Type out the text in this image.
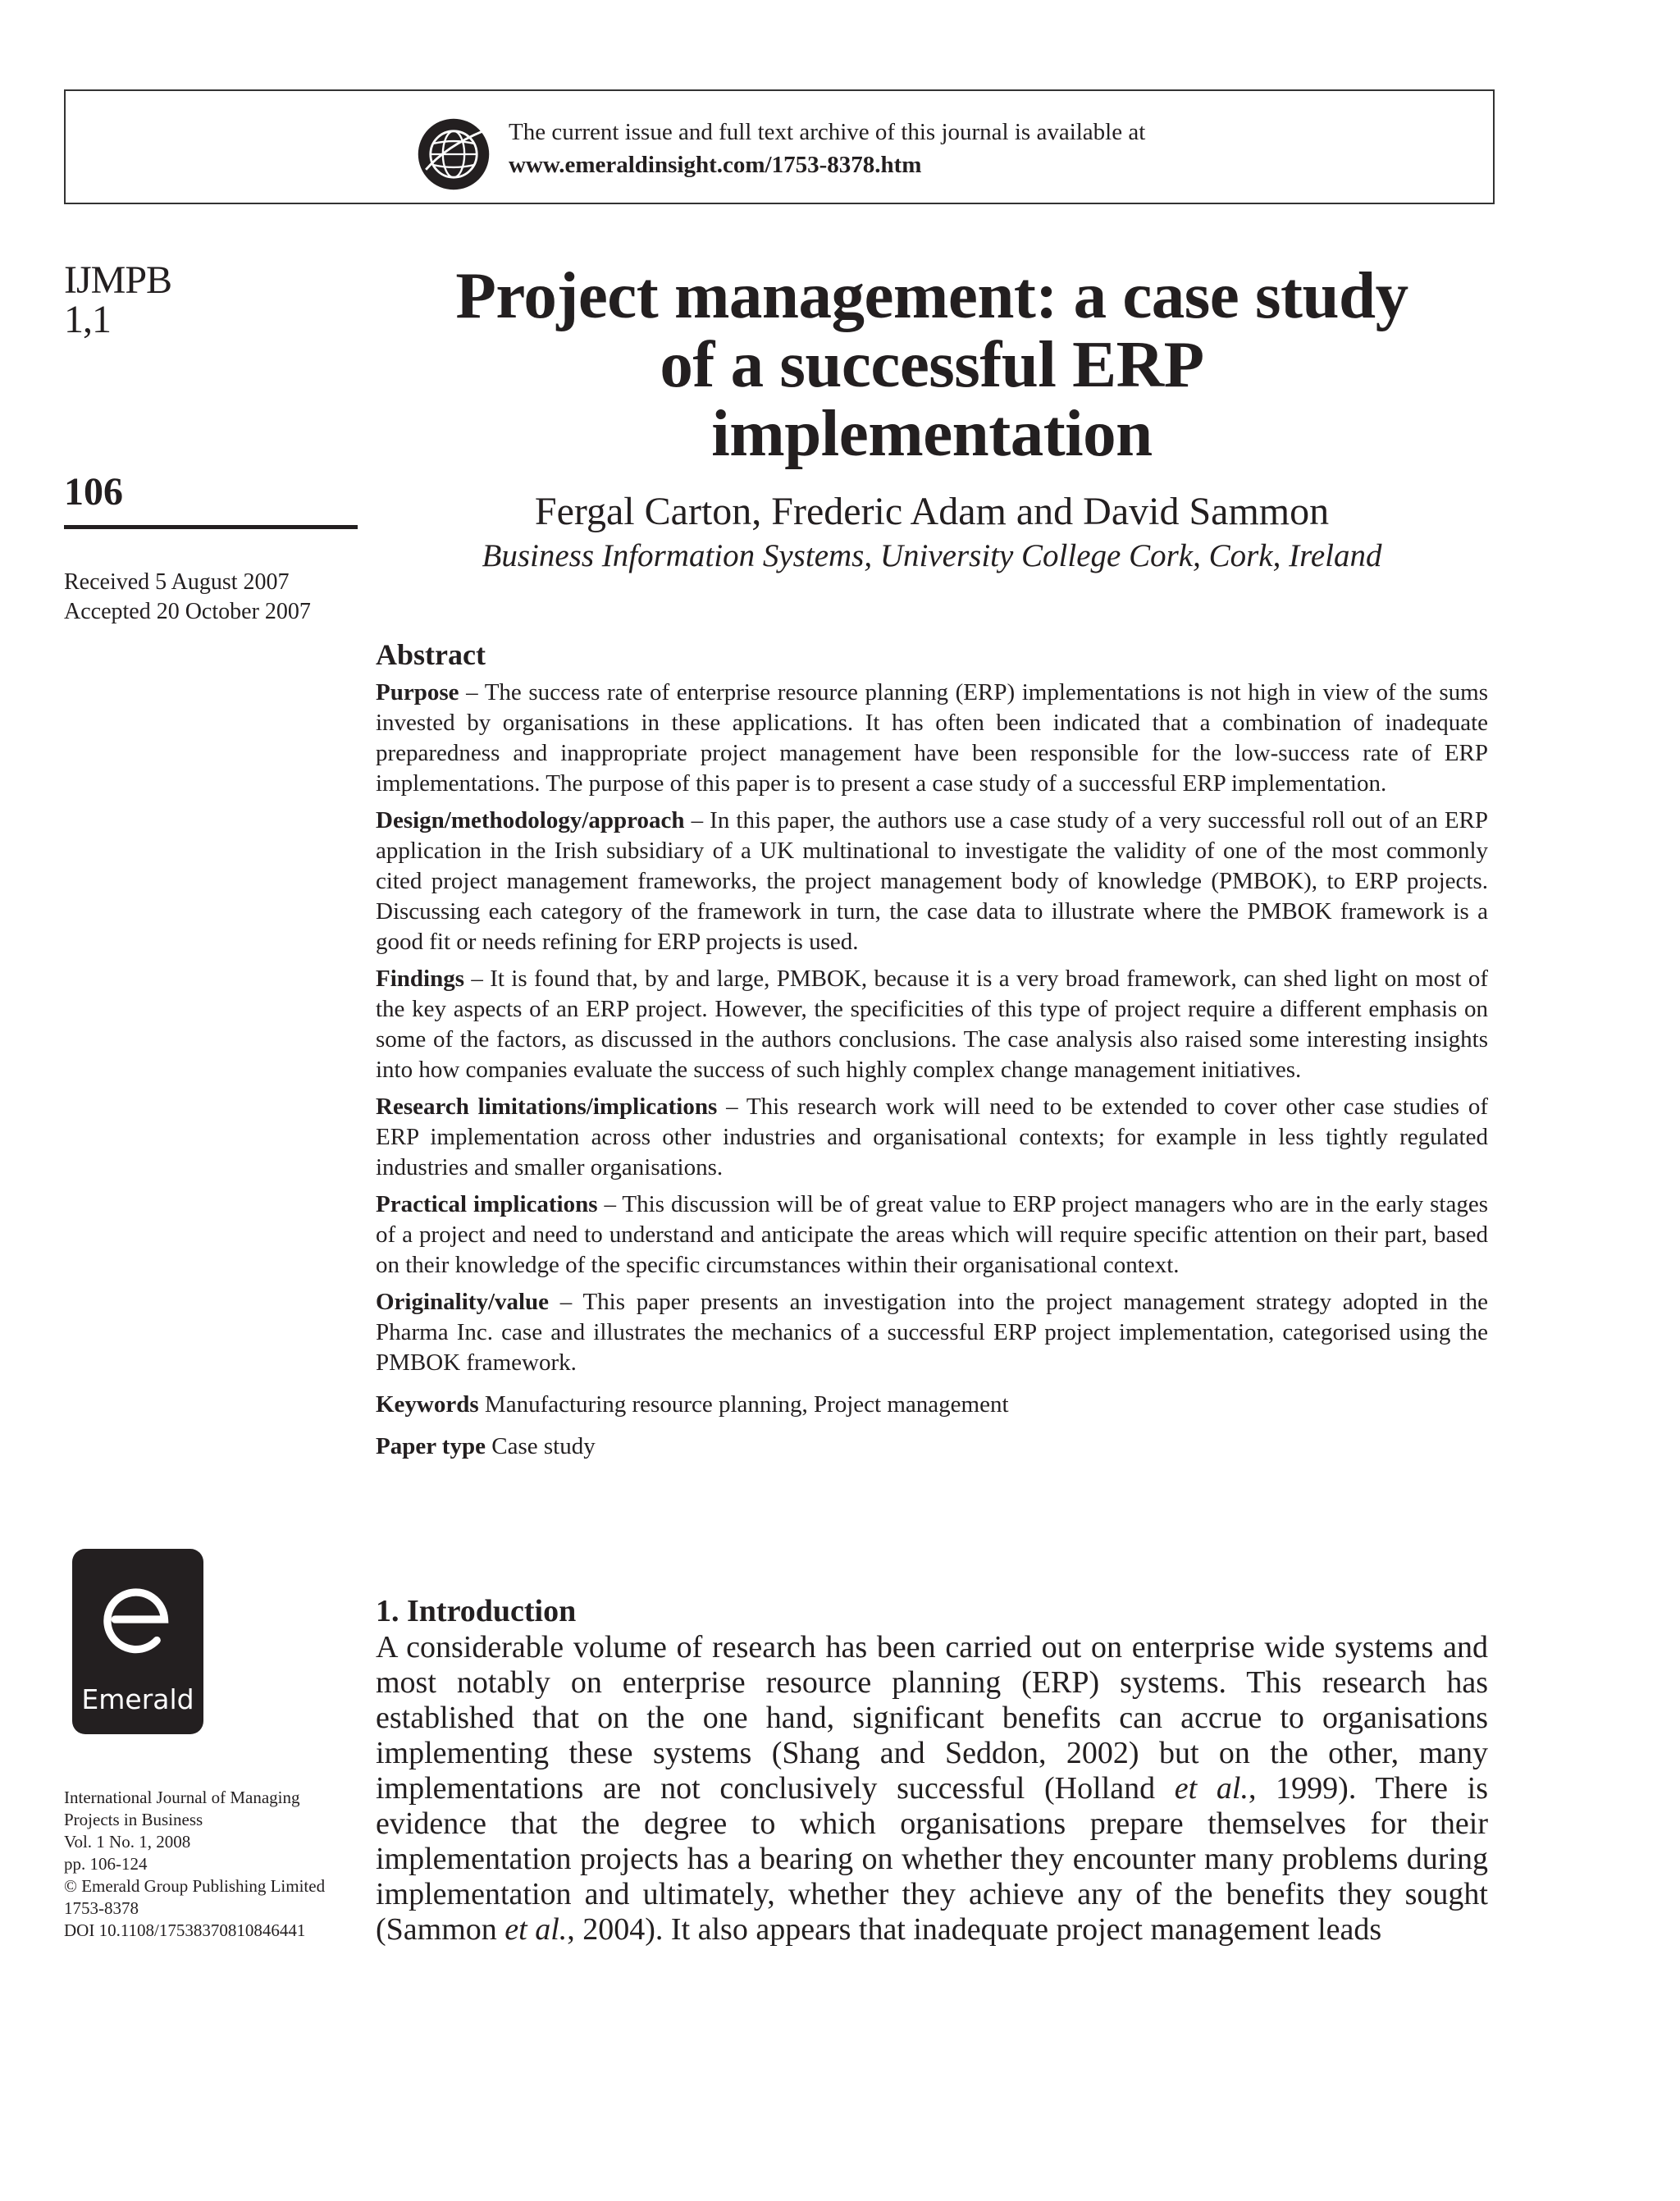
The current issue and full text archive of this journal is available at
www.emeraldinsight.com/1753-8378.htm
IJMPB
1,1
106
Received 5 August 2007
Accepted 20 October 2007
Emerald
International Journal of Managing
Projects in Business
Vol. 1 No. 1, 2008
pp. 106-124
© Emerald Group Publishing Limited
1753-8378
DOI 10.1108/17538370810846441
Project management: a case study
of a successful ERP
implementation
Fergal Carton, Frederic Adam and David Sammon
Business Information Systems, University College Cork, Cork, Ireland
Abstract

Purpose – The success rate of enterprise resource planning (ERP) implementations is not high in view of the sums invested by organisations in these applications. It has often been indicated that a combination of inadequate preparedness and inappropriate project management have been responsible for the low-success rate of ERP implementations. The purpose of this paper is to present a case study of a successful ERP implementation.

Design/methodology/approach – In this paper, the authors use a case study of a very successful roll out of an ERP application in the Irish subsidiary of a UK multinational to investigate the validity of one of the most commonly cited project management frameworks, the project management body of knowledge (PMBOK), to ERP projects. Discussing each category of the framework in turn, the case data to illustrate where the PMBOK framework is a good fit or needs refining for ERP projects is used.

Findings – It is found that, by and large, PMBOK, because it is a very broad framework, can shed light on most of the key aspects of an ERP project. However, the specificities of this type of project require a different emphasis on some of the factors, as discussed in the authors conclusions. The case analysis also raised some interesting insights into how companies evaluate the success of such highly complex change management initiatives.

Research limitations/implications – This research work will need to be extended to cover other case studies of ERP implementation across other industries and organisational contexts; for example in less tightly regulated industries and smaller organisations.

Practical implications – This discussion will be of great value to ERP project managers who are in the early stages of a project and need to understand and anticipate the areas which will require specific attention on their part, based on their knowledge of the specific circumstances within their organisational context.

Originality/value – This paper presents an investigation into the project management strategy adopted in the Pharma Inc. case and illustrates the mechanics of a successful ERP project implementation, categorised using the PMBOK framework.

Keywords Manufacturing resource planning, Project management

Paper type Case study

1. Introduction

A considerable volume of research has been carried out on enterprise wide systems and most notably on enterprise resource planning (ERP) systems. This research has established that on the one hand, significant benefits can accrue to organisations implementing these systems (Shang and Seddon, 2002) but on the other, many implementations are not conclusively successful (Holland et al., 1999). There is evidence that the degree to which organisations prepare themselves for their implementation projects has a bearing on whether they encounter many problems during implementation and ultimately, whether they achieve any of the benefits they sought (Sammon et al., 2004). It also appears that inadequate project management leads
